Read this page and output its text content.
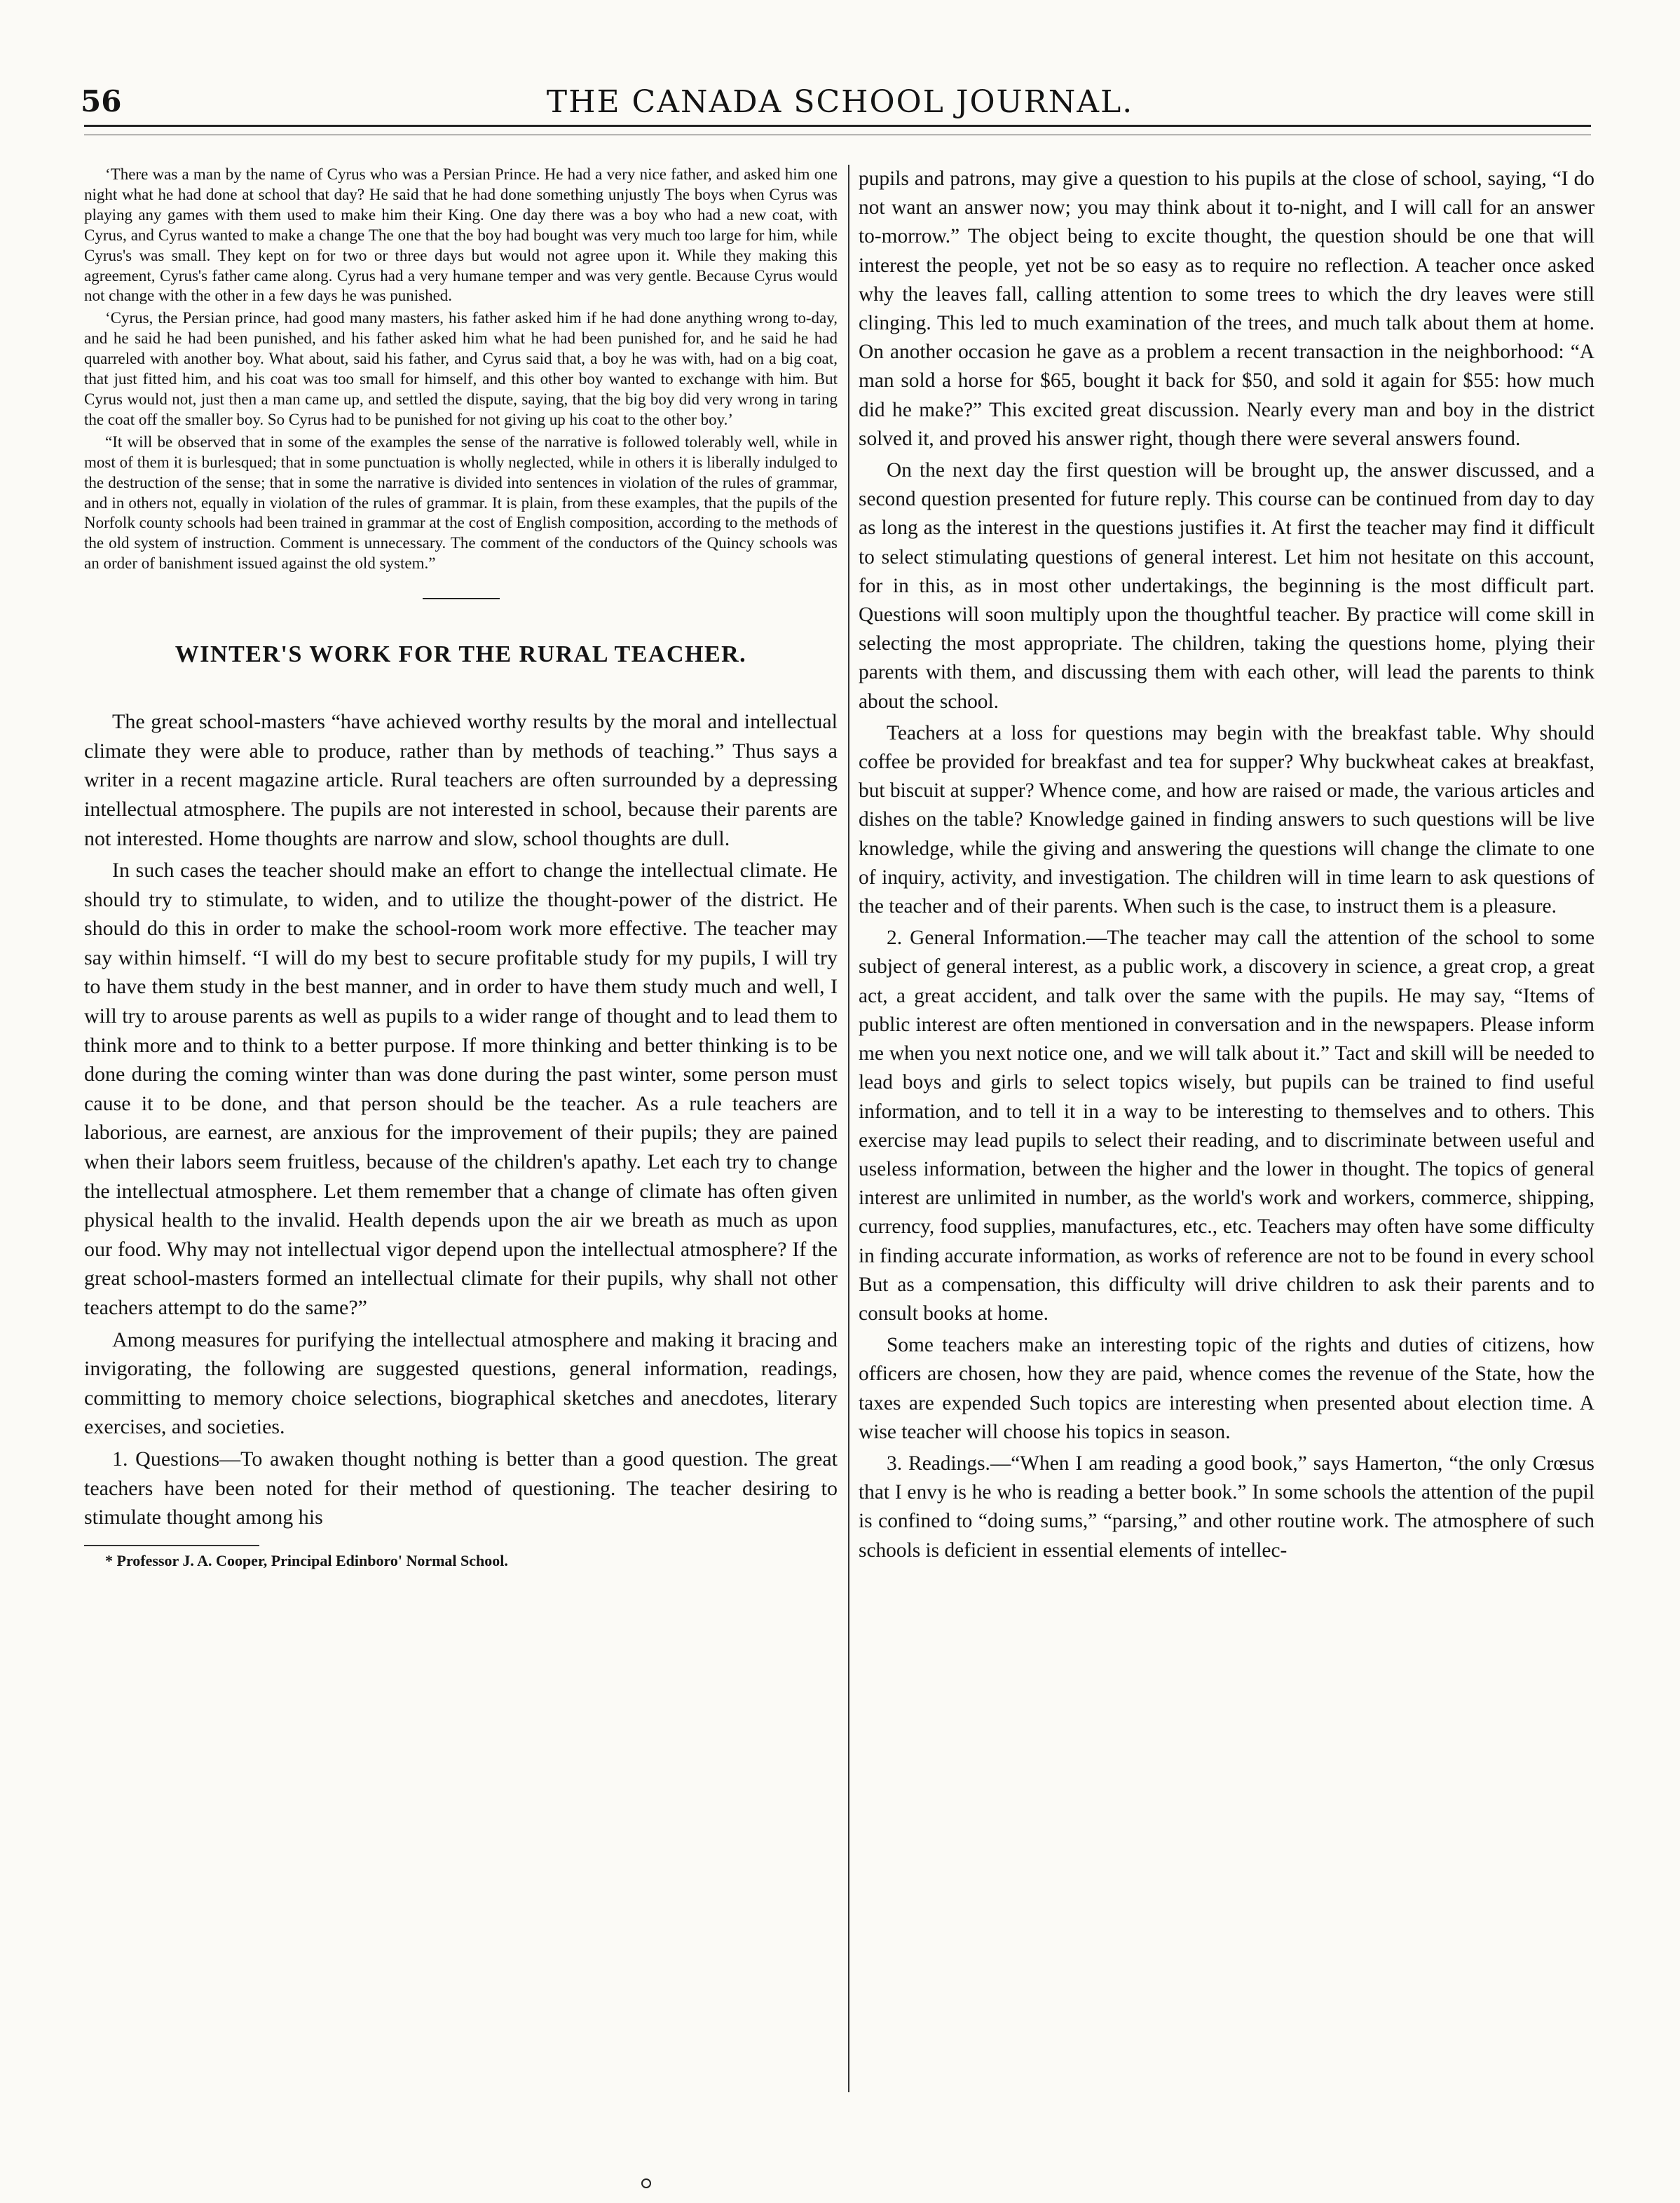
56	THE CANADA SCHOOL JOURNAL.

‘There was a man by the name of Cyrus who was a Persian Prince. He had a very nice father, and asked him one night what he had done at school that day? He said that he had done something unjustly The boys when Cyrus was playing any games with them used to make him their King. One day there was a boy who had a new coat, with Cyrus, and Cyrus wanted to make a change The one that the boy had bought was very much too large for him, while Cyrus's was small. They kept on for two or three days but would not agree upon it. While they making this agreement, Cyrus's father came along. Cyrus had a very humane temper and was very gentle. Because Cyrus would not change with the other in a few days he was punished.

‘Cyrus, the Persian prince, had good many masters, his father asked him if he had done anything wrong to-day, and he said he had been punished, and his father asked him what he had been punished for, and he said he had quarreled with another boy. What about, said his father, and Cyrus said that, a boy he was with, had on a big coat, that just fitted him, and his coat was too small for himself, and this other boy wanted to exchange with him. But Cyrus would not, just then a man came up, and settled the dispute, saying, that the big boy did very wrong in taring the coat off the smaller boy. So Cyrus had to be punished for not giving up his coat to the other boy.’

“It will be observed that in some of the examples the sense of the narrative is followed tolerably well, while in most of them it is burlesqued; that in some punctuation is wholly neglected, while in others it is liberally indulged to the destruction of the sense; that in some the narrative is divided into sentences in violation of the rules of grammar, and in others not, equally in violation of the rules of grammar. It is plain, from these examples, that the pupils of the Norfolk county schools had been trained in grammar at the cost of English composition, according to the methods of the old system of instruction. Comment is unnecessary. The comment of the conductors of the Quincy schools was an order of banishment issued against the old system.”

WINTER'S WORK FOR THE RURAL TEACHER.

The great school-masters “have achieved worthy results by the moral and intellectual climate they were able to produce, rather than by methods of teaching.” Thus says a writer in a recent magazine article. Rural teachers are often surrounded by a depressing intellectual atmosphere. The pupils are not interested in school, because their parents are not interested. Home thoughts are narrow and slow, school thoughts are dull.

In such cases the teacher should make an effort to change the intellectual climate. He should try to stimulate, to widen, and to utilize the thought-power of the district. He should do this in order to make the school-room work more effective. The teacher may say within himself. “I will do my best to secure profitable study for my pupils, I will try to have them study in the best manner, and in order to have them study much and well, I will try to arouse parents as well as pupils to a wider range of thought and to lead them to think more and to think to a better purpose. If more thinking and better thinking is to be done during the coming winter than was done during the past winter, some person must cause it to be done, and that person should be the teacher. As a rule teachers are laborious, are earnest, are anxious for the improvement of their pupils; they are pained when their labors seem fruitless, because of the children's apathy. Let each try to change the intellectual atmosphere. Let them remember that a change of climate has often given physical health to the invalid. Health depends upon the air we breath as much as upon our food. Why may not intellectual vigor depend upon the intellectual atmosphere? If the great school-masters formed an intellectual climate for their pupils, why shall not other teachers attempt to do the same?”

Among measures for purifying the intellectual atmosphere and making it bracing and invigorating, the following are suggested questions, general information, readings, committing to memory choice selections, biographical sketches and anecdotes, literary exercises, and societies.

1. Questions—To awaken thought nothing is better than a good question. The great teachers have been noted for their method of questioning. The teacher desiring to stimulate thought among his

* Professor J. A. Cooper, Principal Edinboro' Normal School.

pupils and patrons, may give a question to his pupils at the close of school, saying, “I do not want an answer now; you may think about it to-night, and I will call for an answer to-morrow.” The object being to excite thought, the question should be one that will interest the people, yet not be so easy as to require no reflection. A teacher once asked why the leaves fall, calling attention to some trees to which the dry leaves were still clinging. This led to much examination of the trees, and much talk about them at home. On another occasion he gave as a problem a recent transaction in the neighborhood: “A man sold a horse for $65, bought it back for $50, and sold it again for $55: how much did he make?” This excited great discussion. Nearly every man and boy in the district solved it, and proved his answer right, though there were several answers found.

On the next day the first question will be brought up, the answer discussed, and a second question presented for future reply. This course can be continued from day to day as long as the interest in the questions justifies it. At first the teacher may find it difficult to select stimulating questions of general interest. Let him not hesitate on this account, for in this, as in most other undertakings, the beginning is the most difficult part. Questions will soon multiply upon the thoughtful teacher. By practice will come skill in selecting the most appropriate. The children, taking the questions home, plying their parents with them, and discussing them with each other, will lead the parents to think about the school.

Teachers at a loss for questions may begin with the breakfast table. Why should coffee be provided for breakfast and tea for supper? Why buckwheat cakes at breakfast, but biscuit at supper? Whence come, and how are raised or made, the various articles and dishes on the table? Knowledge gained in finding answers to such questions will be live knowledge, while the giving and answering the questions will change the climate to one of inquiry, activity, and investigation. The children will in time learn to ask questions of the teacher and of their parents. When such is the case, to instruct them is a pleasure.

2. General Information.—The teacher may call the attention of the school to some subject of general interest, as a public work, a discovery in science, a great crop, a great act, a great accident, and talk over the same with the pupils. He may say, “Items of public interest are often mentioned in conversation and in the newspapers. Please inform me when you next notice one, and we will talk about it.” Tact and skill will be needed to lead boys and girls to select topics wisely, but pupils can be trained to find useful information, and to tell it in a way to be interesting to themselves and to others. This exercise may lead pupils to select their reading, and to discriminate between useful and useless information, between the higher and the lower in thought. The topics of general interest are unlimited in number, as the world's work and workers, commerce, shipping, currency, food supplies, manufactures, etc., etc. Teachers may often have some difficulty in finding accurate information, as works of reference are not to be found in every school But as a compensation, this difficulty will drive children to ask their parents and to consult books at home.

Some teachers make an interesting topic of the rights and duties of citizens, how officers are chosen, how they are paid, whence comes the revenue of the State, how the taxes are expended Such topics are interesting when presented about election time. A wise teacher will choose his topics in season.

3. Readings.—“When I am reading a good book,” says Hamerton, “the only Crœsus that I envy is he who is reading a better book.” In some schools the attention of the pupil is confined to “doing sums,” “parsing,” and other routine work. The atmosphere of such schools is deficient in essential elements of intellec-
